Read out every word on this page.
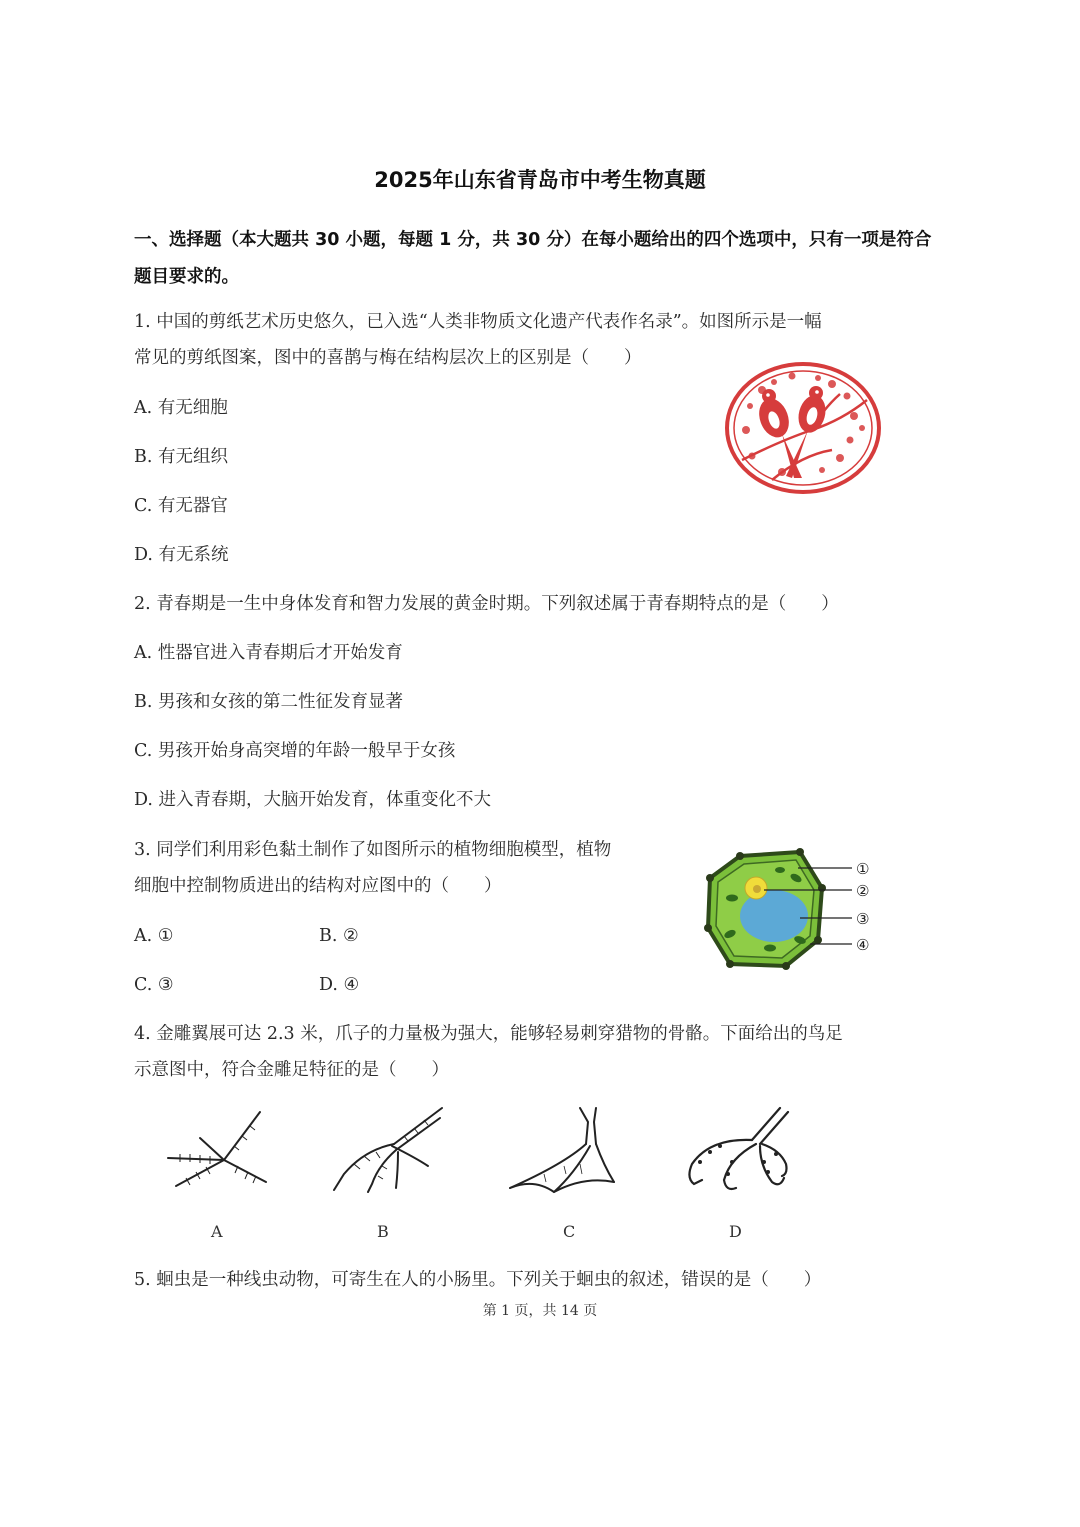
2025年山东省青岛市中考生物真题
一、选择题（本大题共 30 小题，每题 1 分，共 30 分）在每小题给出的四个选项中，只有一项是符合题目要求的。
1. 中国的剪纸艺术历史悠久，已入选“人类非物质文化遗产代表作名录”。如图所示是一幅
常见的剪纸图案，图中的喜鹊与梅在结构层次上的区别是（　　）
A. 有无细胞
B. 有无组织
C. 有无器官
D. 有无系统
2. 青春期是一生中身体发育和智力发展的黄金时期。下列叙述属于青春期特点的是（　　）
A. 性器官进入青春期后才开始发育
B. 男孩和女孩的第二性征发育显著
C. 男孩开始身高突增的年龄一般早于女孩
D. 进入青春期，大脑开始发育，体重变化不大
3. 同学们利用彩色黏土制作了如图所示的植物细胞模型，植物
细胞中控制物质进出的结构对应图中的（　　）
A. ①	B. ②
C. ③	D. ④
①
②
③
④
4. 金雕翼展可达 2.3 米，爪子的力量极为强大，能够轻易刺穿猎物的骨骼。下面给出的鸟足
示意图中，符合金雕足特征的是（　　）
A	B	C	D
5. 蛔虫是一种线虫动物，可寄生在人的小肠里。下列关于蛔虫的叙述，错误的是（　　）
第 1 页，共 14 页
